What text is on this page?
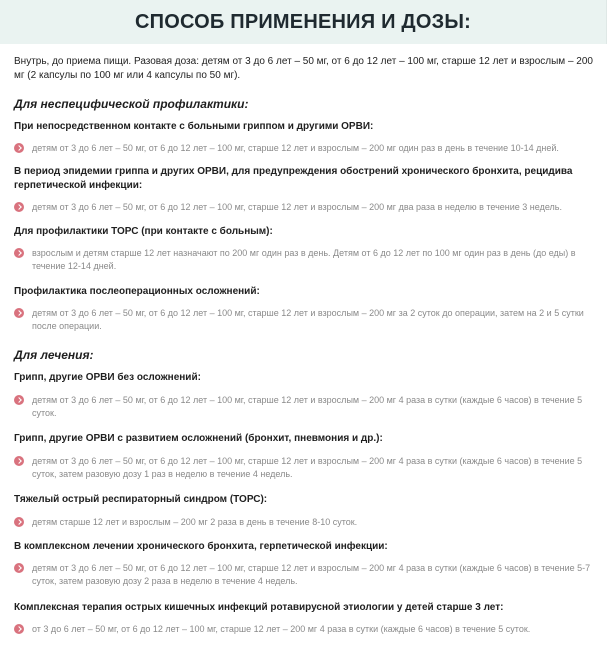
СПОСОБ ПРИМЕНЕНИЯ И ДОЗЫ:
Внутрь, до приема пищи. Разовая доза: детям от 3 до 6 лет – 50 мг, от 6 до 12 лет – 100 мг, старше 12 лет и взрослым – 200 мг (2 капсулы по 100 мг или 4 капсулы по 50 мг).

Для неспецифической профилактики:

При непосредственном контакте с больными гриппом и другими ОРВИ:
детям от 3 до 6 лет – 50 мг, от 6 до 12 лет – 100 мг, старше 12 лет и взрослым – 200 мг один раз в день в течение 10-14 дней.
В период эпидемии гриппа и других ОРВИ, для предупреждения обострений хронического бронхита, рецидива герпетической инфекции:
детям от 3 до 6 лет – 50 мг, от 6 до 12 лет – 100 мг, старше 12 лет и взрослым – 200 мг два раза в неделю в течение 3 недель.
Для профилактики ТОРС (при контакте с больным):
взрослым и детям старше 12 лет назначают по 200 мг один раз в день. Детям от 6 до 12 лет по 100 мг один раз в день (до еды) в течение 12-14 дней.
Профилактика послеоперационных осложнений:
детям от 3 до 6 лет – 50 мг, от 6 до 12 лет – 100 мг, старше 12 лет и взрослым – 200 мг за 2 суток до операции, затем на 2 и 5 сутки после операции.

Для лечения:

Грипп, другие ОРВИ без осложнений:
детям от 3 до 6 лет – 50 мг, от 6 до 12 лет – 100 мг, старше 12 лет и взрослым – 200 мг 4 раза в сутки (каждые 6 часов) в течение 5 суток.
Грипп, другие ОРВИ с развитием осложнений (бронхит, пневмония и др.):
детям от 3 до 6 лет – 50 мг, от 6 до 12 лет – 100 мг, старше 12 лет и взрослым – 200 мг 4 раза в сутки (каждые 6 часов) в течение 5 суток, затем разовую дозу 1 раз в неделю в течение 4 недель.
Тяжелый острый респираторный синдром (ТОРС):
детям старше 12 лет и взрослым – 200 мг 2 раза в день в течение 8-10 суток.
В комплексном лечении хронического бронхита, герпетической инфекции:
детям от 3 до 6 лет – 50 мг, от 6 до 12 лет – 100 мг, старше 12 лет и взрослым – 200 мг 4 раза в сутки (каждые 6 часов) в течение 5-7 суток, затем разовую дозу 2 раза в неделю в течение 4 недель.
Комплексная терапия острых кишечных инфекций ротавирусной этиологии у детей старше 3 лет:
от 3 до 6 лет – 50 мг, от 6 до 12 лет – 100 мг, старше 12 лет – 200 мг 4 раза в сутки (каждые 6 часов) в течение 5 суток.
